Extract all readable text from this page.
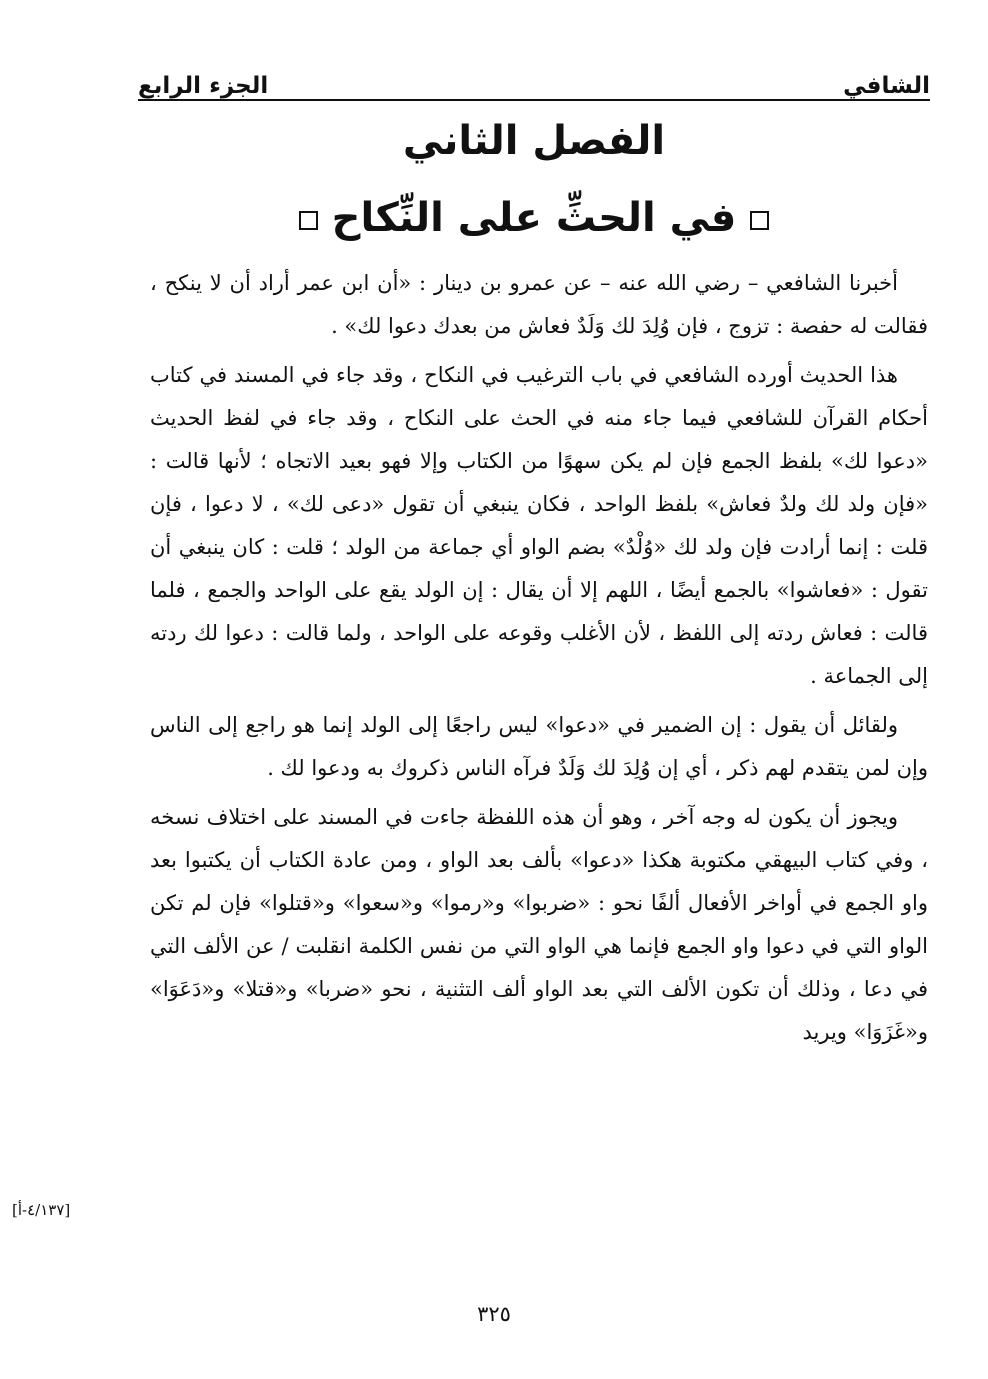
الشافي
الجزء الرابع
الفصل الثاني
في الحثِّ على النِّكاح

أخبرنا الشافعي – رضي الله عنه – عن عمرو بن دينار : «أن ابن عمر أراد أن لا ينكح ، فقالت له حفصة : تزوج ، فإن وُلِدَ لك وَلَدٌ فعاش من بعدك دعوا لك» .

هذا الحديث أورده الشافعي في باب الترغيب في النكاح ، وقد جاء في المسند في كتاب أحكام القرآن للشافعي فيما جاء منه في الحث على النكاح ، وقد جاء في لفظ الحديث «دعوا لك» بلفظ الجمع فإن لم يكن سهوًا من الكتاب وإلا فهو بعيد الاتجاه ؛ لأنها قالت : «فإن ولد لك ولدٌ فعاش» بلفظ الواحد ، فكان ينبغي أن تقول «دعى لك» ، لا دعوا ، فإن قلت : إنما أرادت فإن ولد لك «وُلْدٌ» بضم الواو أي جماعة من الولد ؛ قلت : كان ينبغي أن تقول : «فعاشوا» بالجمع أيضًا ، اللهم إلا أن يقال : إن الولد يقع على الواحد والجمع ، فلما قالت : فعاش ردته إلى اللفظ ، لأن الأغلب وقوعه على الواحد ، ولما قالت : دعوا لك ردته إلى الجماعة .

ولقائل أن يقول : إن الضمير في «دعوا» ليس راجعًا إلى الولد إنما هو راجع إلى الناس وإن لمن يتقدم لهم ذكر ، أي إن وُلِدَ لك وَلَدٌ فرآه الناس ذكروك به ودعوا لك .

ويجوز أن يكون له وجه آخر ، وهو أن هذه اللفظة جاءت في المسند على اختلاف نسخه ، وفي كتاب البيهقي مكتوبة هكذا «دعوا» بألف بعد الواو ، ومن عادة الكتاب أن يكتبوا بعد واو الجمع في أواخر الأفعال ألفًا نحو : «ضربوا» و«رموا» و«سعوا» و«قتلوا» فإن لم تكن الواو التي في دعوا واو الجمع فإنما هي الواو التي من نفس الكلمة انقلبت / عن الألف التي في دعا ، وذلك أن تكون الألف التي بعد الواو ألف التثنية ، نحو «ضربا» و«قتلا» و«دَعَوَا» و«غَزَوَا» ويريد

[٤/١٣٧-أ]
٣٢٥
